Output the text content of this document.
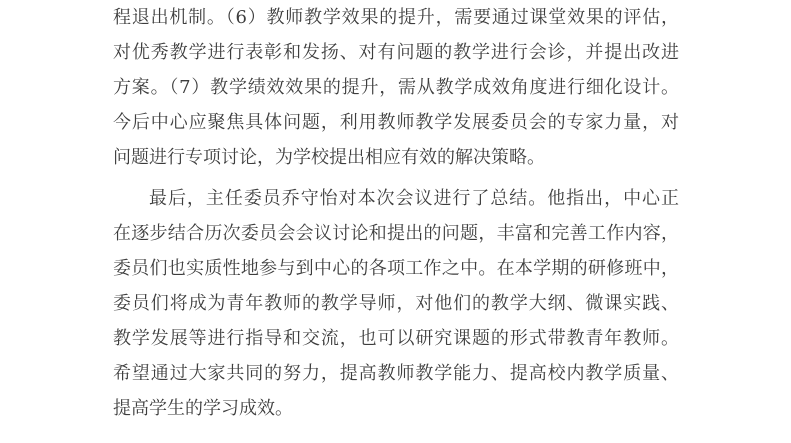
程退出机制。（6）教师教学效果的提升，需要通过课堂效果的评估，
对优秀教学进行表彰和发扬、对有问题的教学进行会诊，并提出改进
方案。（7）教学绩效效果的提升，需从教学成效角度进行细化设计。
今后中心应聚焦具体问题，利用教师教学发展委员会的专家力量，对
问题进行专项讨论，为学校提出相应有效的解决策略。
最后，主任委员乔守怡对本次会议进行了总结。他指出，中心正
在逐步结合历次委员会会议讨论和提出的问题，丰富和完善工作内容，
委员们也实质性地参与到中心的各项工作之中。在本学期的研修班中，
委员们将成为青年教师的教学导师，对他们的教学大纲、微课实践、
教学发展等进行指导和交流，也可以研究课题的形式带教青年教师。
希望通过大家共同的努力，提高教师教学能力、提高校内教学质量、
提高学生的学习成效。
